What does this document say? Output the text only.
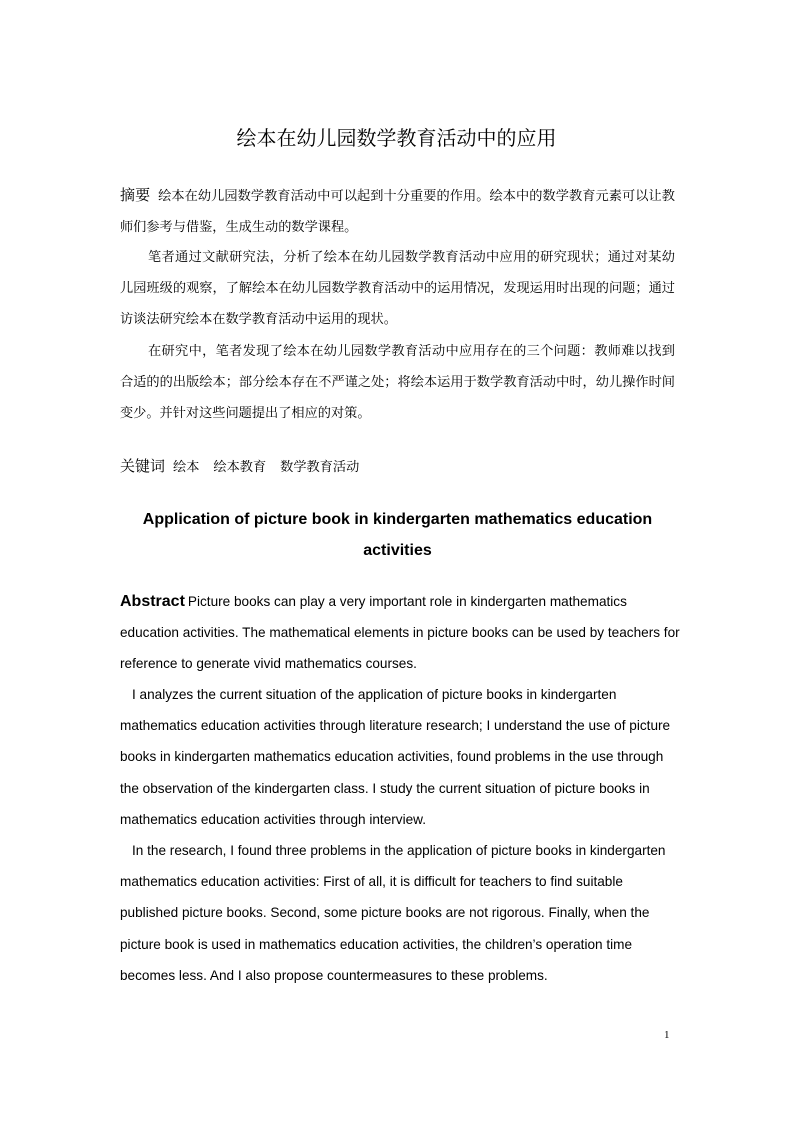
绘本在幼儿园数学教育活动中的应用

摘要 绘本在幼儿园数学教育活动中可以起到十分重要的作用。绘本中的数学教育元素可以让教师们参考与借鉴，生成生动的数学课程。

笔者通过文献研究法，分析了绘本在幼儿园数学教育活动中应用的研究现状；通过对某幼儿园班级的观察，了解绘本在幼儿园数学教育活动中的运用情况，发现运用时出现的问题；通过访谈法研究绘本在数学教育活动中运用的现状。

在研究中，笔者发现了绘本在幼儿园数学教育活动中应用存在的三个问题：教师难以找到合适的的出版绘本；部分绘本存在不严谨之处；将绘本运用于数学教育活动中时，幼儿操作时间变少。并针对这些问题提出了相应的对策。

关键词 绘本 绘本教育 数学教育活动

Application of picture book in kindergarten mathematics education activities

Abstract Picture books can play a very important role in kindergarten mathematics education activities. The mathematical elements in picture books can be used by teachers for reference to generate vivid mathematics courses.

I analyzes the current situation of the application of picture books in kindergarten mathematics education activities through literature research; I understand the use of picture books in kindergarten mathematics education activities, found problems in the use through the observation of the kindergarten class. I study the current situation of picture books in mathematics education activities through interview.

In the research, I found three problems in the application of picture books in kindergarten mathematics education activities: First of all, it is difficult for teachers to find suitable published picture books. Second, some picture books are not rigorous. Finally, when the picture book is used in mathematics education activities, the children’s operation time becomes less. And I also propose countermeasures to these problems.

1
